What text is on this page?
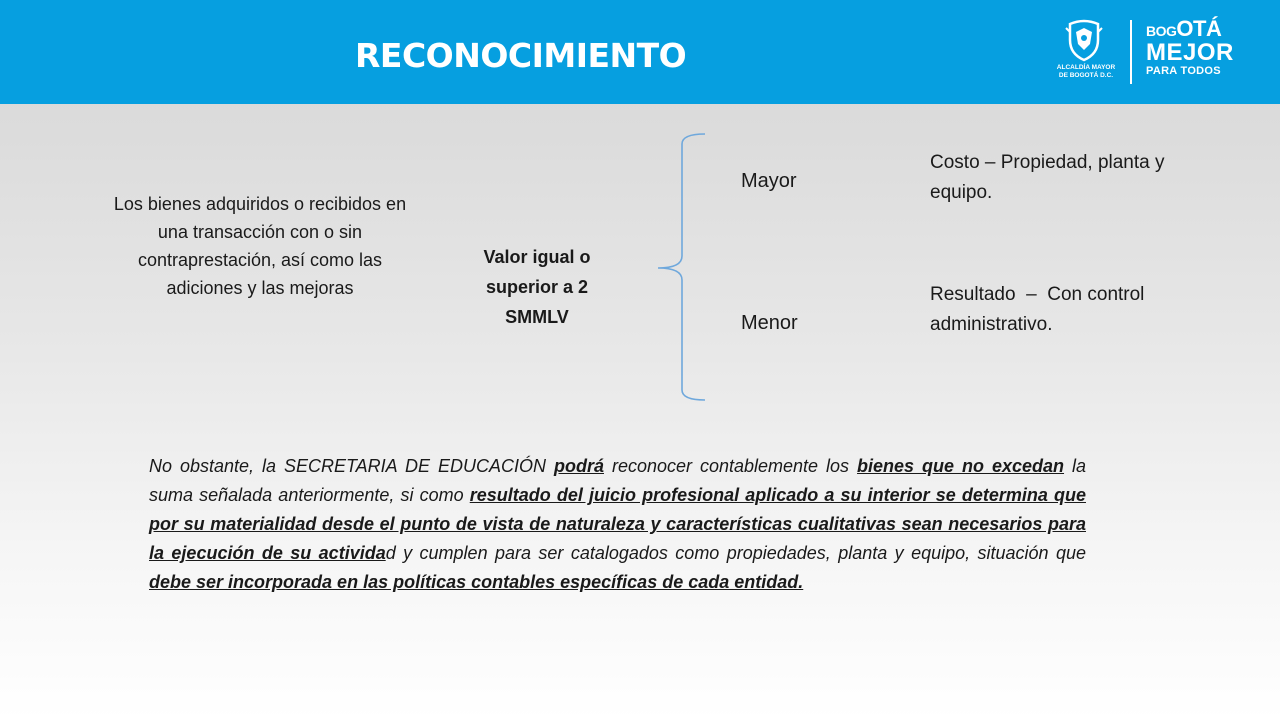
RECONOCIMIENTO	ALCALDÍA MAYOR
DE BOGOTÁ D.C.
BOGOTÁ
MEJOR
PARA TODOS
Los bienes adquiridos o recibidos en una transacción con o sin contraprestación, así como las adiciones y las mejoras
Valor igual o superior a 2 SMMLV
Mayor
Menor
Costo – Propiedad, planta y equipo.
Resultado  –  Con control administrativo.
No obstante, la SECRETARIA DE EDUCACIÓN podrá reconocer contablemente los bienes que no excedan la suma señalada anteriormente, si como resultado del juicio profesional aplicado a su interior se determina que por su materialidad desde el punto de vista de naturaleza y características cualitativas sean necesarios para la ejecución de su actividad y cumplen para ser catalogados como propiedades, planta y equipo, situación que debe ser incorporada en las políticas contables específicas de cada entidad.
